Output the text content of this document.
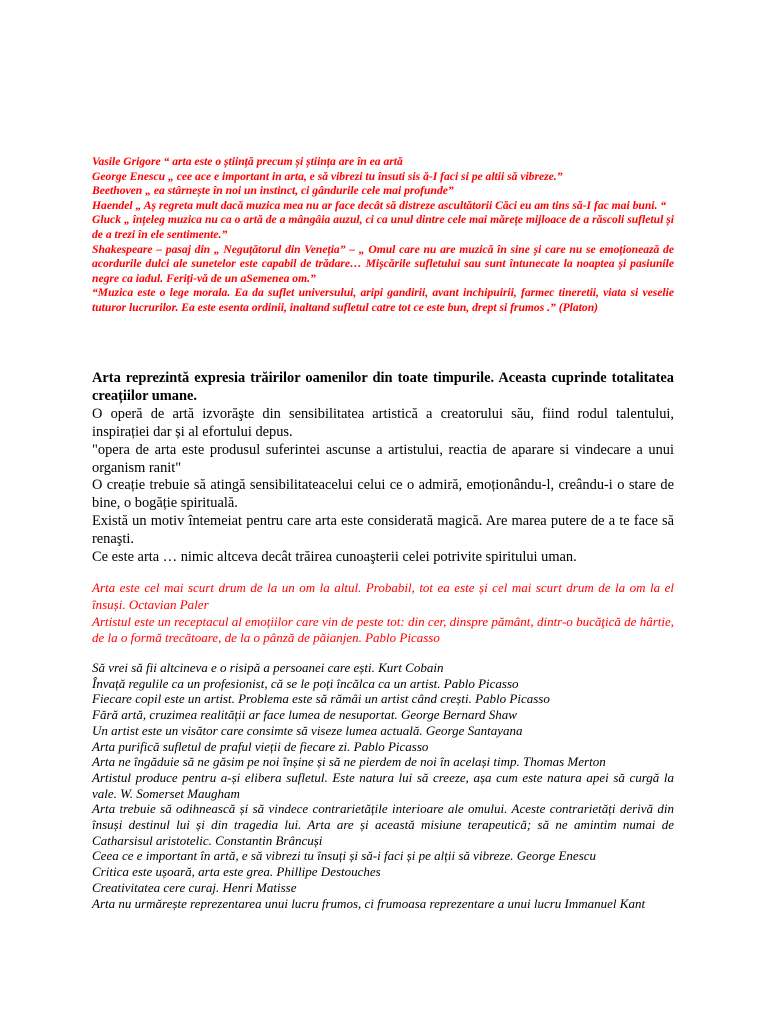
Vasile Grigore “ arta este o știință precum și știința are în ea artă

George Enescu „ cee ace e important in arta, e să vibrezi tu însuti sis ă-I faci si pe altii să vibreze.”

Beethoven „ ea stârnește în noi un instinct, ci gândurile cele mai profunde”

Haendel „ Aș regreta mult dacă muzica mea nu ar face decât să distreze ascultătorii Căci eu am tins să-I fac mai buni. “

Gluck „ înțeleg muzica nu ca o artă de a mângâia auzul, ci ca unul dintre cele mai mărețe mijloace de a răscoli sufletul și de a trezi în ele sentimente.”

Shakespeare – pasaj din „ Neguțătorul din Veneția” – „ Omul care nu are muzică în sine și care nu se emoționează de acordurile dulci ale sunetelor este capabil de trădare… Mișcările sufletului sau sunt întunecate la noaptea și pasiunile negre ca iadul. Feriți-vă de un aSemenea om.”

“Muzica este o lege morala. Ea da suflet universului, aripi gandirii, avant inchipuirii, farmec tineretii, viata si veselie tuturor lucrurilor. Ea este esenta ordinii, inaltand sufletul catre tot ce este bun, drept si frumos .” (Platon)

Arta reprezintă expresia trăirilor oamenilor din toate timpurile. Aceasta cuprinde totalitatea creațiilor umane.

O operă de artă izvorăşte din sensibilitatea artistică a creatorului său, fiind rodul talentului, inspirației dar și al efortului depus.

"opera de arta este produsul suferintei ascunse a artistului, reactia de aparare si vindecare a unui organism ranit"

O creație trebuie să atingă sensibilitateacelui celui ce o admiră, emoționându-l, creându-i o stare de bine, o bogăție spirituală.

Există un motiv întemeiat pentru care arta este considerată magică. Are marea putere de a te face să renaşti.

Ce este arta … nimic altceva decât trăirea cunoaşterii celei potrivite spiritului uman.

Arta este cel mai scurt drum de la un om la altul. Probabil, tot ea este și cel mai scurt drum de la om la el însuși. Octavian Paler

Artistul este un receptacul al emoțiilor care vin de peste tot: din cer, dinspre pământ, dintr-o bucăţică de hârtie, de la o formă trecătoare, de la o pânză de păianjen. Pablo Picasso

Să vrei să fii altcineva e o risipă a persoanei care ești. Kurt Cobain

Învață regulile ca un profesionist, că se le poți încălca ca un artist. Pablo Picasso

Fiecare copil este un artist. Problema este să rămâi un artist când crești. Pablo Picasso

Fără artă, cruzimea realității ar face lumea de nesuportat. George Bernard Shaw

Un artist este un visător care consimte să viseze lumea actuală. George Santayana

Arta purifică sufletul de praful vieții de fiecare zi. Pablo Picasso

Arta ne îngăduie să ne găsim pe noi înșine și să ne pierdem de noi în același timp. Thomas Merton

Artistul produce pentru a-și elibera sufletul. Este natura lui să creeze, așa cum este natura apei să curgă la vale. W. Somerset Maugham

Arta trebuie să odihnească și să vindece contrarietățile interioare ale omului. Aceste contrarietăți derivă din însuși destinul lui și din tragedia lui. Arta are și această misiune terapeutică; să ne amintim numai de Catharsisul aristotelic. Constantin Brâncuși

Ceea ce e important în artă, e să vibrezi tu însuți și să-i faci și pe alții să vibreze. George Enescu

Critica este ușoară, arta este grea. Phillipe Destouches

Creativitatea cere curaj. Henri Matisse

Arta nu urmărește reprezentarea unui lucru frumos, ci frumoasa reprezentare a unui lucru Immanuel Kant
